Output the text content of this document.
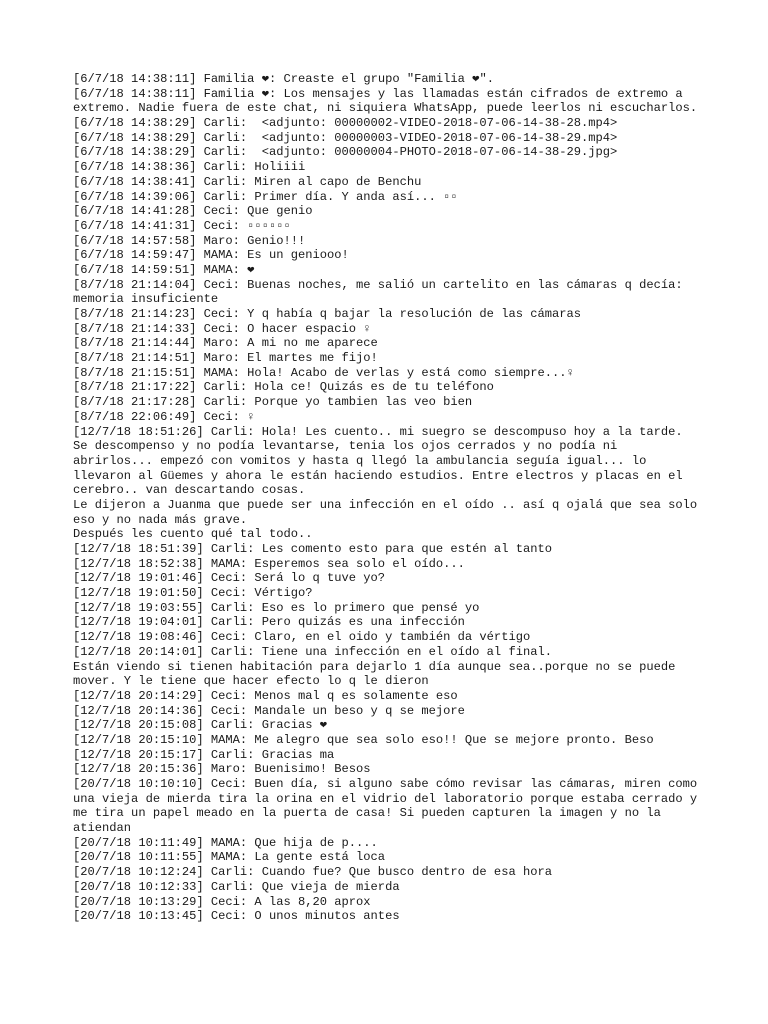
[6/7/18 14:38:11] Familia ❤: Creaste el grupo "Familia ❤".
[6/7/18 14:38:11] Familia ❤: Los mensajes y las llamadas están cifrados de extremo a extremo. Nadie fuera de este chat, ni siquiera WhatsApp, puede leerlos ni escucharlos.
[6/7/18 14:38:29] Carli:  <adjunto: 00000002-VIDEO-2018-07-06-14-38-28.mp4>
[6/7/18 14:38:29] Carli:  <adjunto: 00000003-VIDEO-2018-07-06-14-38-29.mp4>
[6/7/18 14:38:29] Carli:  <adjunto: 00000004-PHOTO-2018-07-06-14-38-29.jpg>
[6/7/18 14:38:36] Carli: Holiiii
[6/7/18 14:38:41] Carli: Miren al capo de Benchu
[6/7/18 14:39:06] Carli: Primer día. Y anda así... ▫▫
[6/7/18 14:41:28] Ceci: Que genio
[6/7/18 14:41:31] Ceci: ▫▫▫▫▫▫
[6/7/18 14:57:58] Maro: Genio!!!
[6/7/18 14:59:47] MAMA: Es un geniooo!
[6/7/18 14:59:51] MAMA: ❤
[8/7/18 21:14:04] Ceci: Buenas noches, me salió un cartelito en las cámaras q decía: memoria insuficiente
[8/7/18 21:14:23] Ceci: Y q había q bajar la resolución de las cámaras
[8/7/18 21:14:33] Ceci: O hacer espacio ♀
[8/7/18 21:14:44] Maro: A mi no me aparece
[8/7/18 21:14:51] Maro: El martes me fijo!
[8/7/18 21:15:51] MAMA: Hola! Acabo de verlas y está como siempre...♀
[8/7/18 21:17:22] Carli: Hola ce! Quizás es de tu teléfono
[8/7/18 21:17:28] Carli: Porque yo tambien las veo bien
[8/7/18 22:06:49] Ceci: ♀
[12/7/18 18:51:26] Carli: Hola! Les cuento.. mi suegro se descompuso hoy a la tarde. Se descompenso y no podía levantarse, tenia los ojos cerrados y no podía ni abrirlos... empezó con vomitos y hasta q llegó la ambulancia seguía igual... lo llevaron al Güemes y ahora le están haciendo estudios. Entre electros y placas en el cerebro.. van descartando cosas.
Le dijeron a Juanma que puede ser una infección en el oído .. así q ojalá que sea solo eso y no nada más grave.
Después les cuento qué tal todo..
[12/7/18 18:51:39] Carli: Les comento esto para que estén al tanto
[12/7/18 18:52:38] MAMA: Esperemos sea solo el oído...
[12/7/18 19:01:46] Ceci: Será lo q tuve yo?
[12/7/18 19:01:50] Ceci: Vértigo?
[12/7/18 19:03:55] Carli: Eso es lo primero que pensé yo
[12/7/18 19:04:01] Carli: Pero quizás es una infección
[12/7/18 19:08:46] Ceci: Claro, en el oido y también da vértigo
[12/7/18 20:14:01] Carli: Tiene una infección en el oído al final.
Están viendo si tienen habitación para dejarlo 1 día aunque sea..porque no se puede mover. Y le tiene que hacer efecto lo q le dieron
[12/7/18 20:14:29] Ceci: Menos mal q es solamente eso
[12/7/18 20:14:36] Ceci: Mandale un beso y q se mejore
[12/7/18 20:15:08] Carli: Gracias ❤
[12/7/18 20:15:10] MAMA: Me alegro que sea solo eso!! Que se mejore pronto. Beso
[12/7/18 20:15:17] Carli: Gracias ma
[12/7/18 20:15:36] Maro: Buenisimo! Besos
[20/7/18 10:10:10] Ceci: Buen día, si alguno sabe cómo revisar las cámaras, miren como una vieja de mierda tira la orina en el vidrio del laboratorio porque estaba cerrado y me tira un papel meado en la puerta de casa! Si pueden capturen la imagen y no la atiendan
[20/7/18 10:11:49] MAMA: Que hija de p....
[20/7/18 10:11:55] MAMA: La gente está loca
[20/7/18 10:12:24] Carli: Cuando fue? Que busco dentro de esa hora
[20/7/18 10:12:33] Carli: Que vieja de mierda
[20/7/18 10:13:29] Ceci: A las 8,20 aprox
[20/7/18 10:13:45] Ceci: O unos minutos antes
